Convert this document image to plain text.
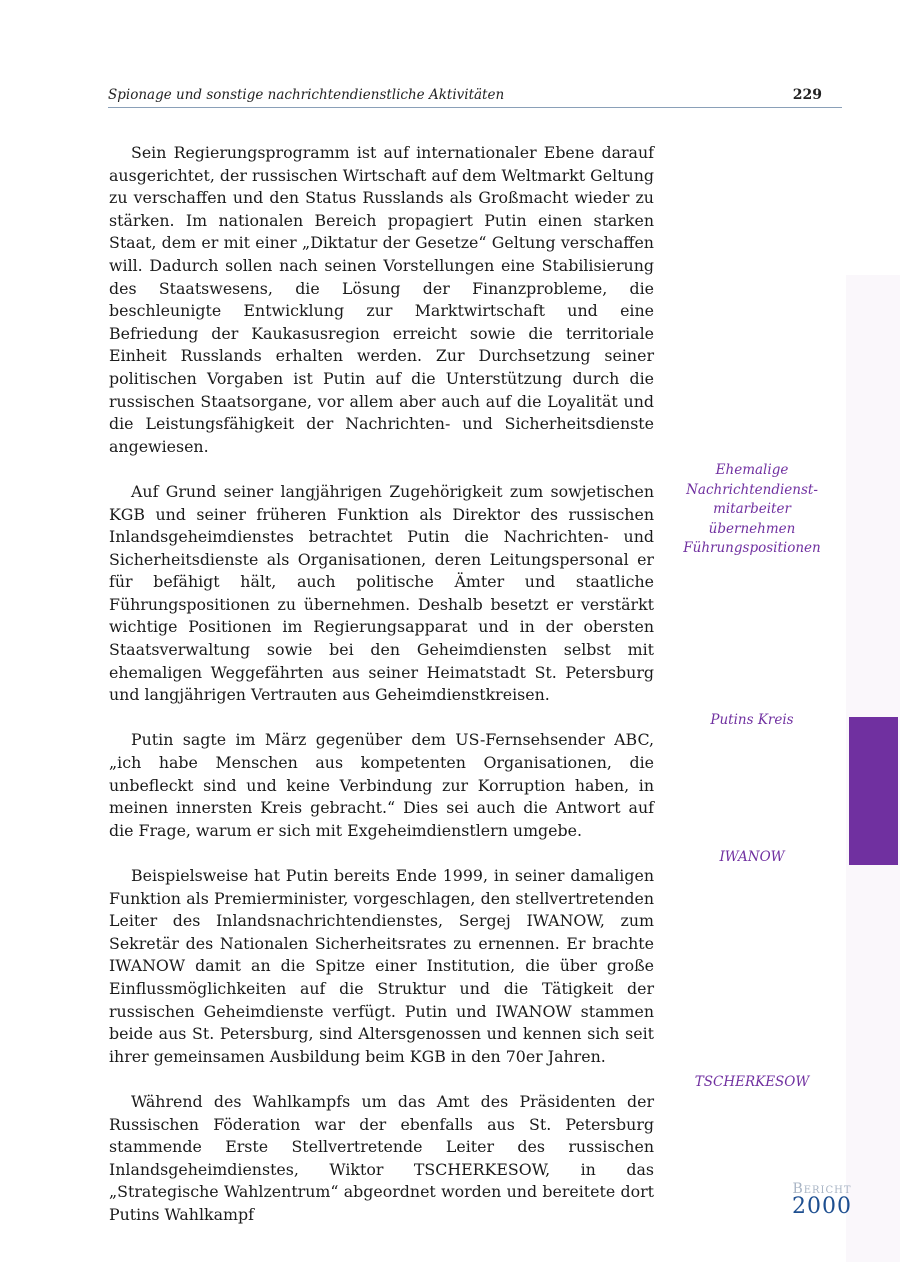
Spionage und sonstige nachrichtendienstliche Aktivitäten	229

Sein Regierungsprogramm ist auf internationaler Ebene darauf ausgerichtet, der russischen Wirtschaft auf dem Weltmarkt Geltung zu verschaffen und den Status Russlands als Großmacht wieder zu stärken. Im nationalen Bereich propagiert Putin einen starken Staat, dem er mit einer „Diktatur der Gesetze“ Geltung verschaffen will. Dadurch sollen nach seinen Vorstellungen eine Stabilisierung des Staatswesens, die Lösung der Finanzprobleme, die beschleunigte Entwicklung zur Marktwirtschaft und eine Befriedung der Kaukasusregion erreicht sowie die territoriale Einheit Russlands erhalten werden. Zur Durchsetzung seiner politischen Vorgaben ist Putin auf die Unterstützung durch die russischen Staatsorgane, vor allem aber auch auf die Loyalität und die Leistungsfähigkeit der Nachrichten- und Sicherheitsdienste angewiesen.

Auf Grund seiner langjährigen Zugehörigkeit zum sowjetischen KGB und seiner früheren Funktion als Direktor des russischen Inlandsgeheimdienstes betrachtet Putin die Nachrichten- und Sicherheitsdienste als Organisationen, deren Leitungspersonal er für befähigt hält, auch politische Ämter und staatliche Führungspositionen zu übernehmen. Deshalb besetzt er verstärkt wichtige Positionen im Regierungsapparat und in der obersten Staatsverwaltung sowie bei den Geheimdiensten selbst mit ehemaligen Weggefährten aus seiner Heimatstadt St. Petersburg und langjährigen Vertrauten aus Geheimdienstkreisen.

Putin sagte im März gegenüber dem US-Fernsehsender ABC, „ich habe Menschen aus kompetenten Organisationen, die unbefleckt sind und keine Verbindung zur Korruption haben, in meinen innersten Kreis gebracht.“ Dies sei auch die Antwort auf die Frage, warum er sich mit Exgeheimdienstlern umgebe.

Beispielsweise hat Putin bereits Ende 1999, in seiner damaligen Funktion als Premierminister, vorgeschlagen, den stellvertretenden Leiter des Inlandsnachrichtendienstes, Sergej IWANOW, zum Sekretär des Nationalen Sicherheitsrates zu ernennen. Er brachte IWANOW damit an die Spitze einer Institution, die über große Einflussmöglichkeiten auf die Struktur und die Tätigkeit der russischen Geheimdienste verfügt. Putin und IWANOW stammen beide aus St. Petersburg, sind Altersgenossen und kennen sich seit ihrer gemeinsamen Ausbildung beim KGB in den 70er Jahren.

Während des Wahlkampfs um das Amt des Präsidenten der Russischen Föderation war der ebenfalls aus St. Petersburg stammende Erste Stellvertretende Leiter des russischen Inlandsgeheimdienstes, Wiktor TSCHERKESOW, in das „Strategische Wahlzentrum“ abgeordnet worden und bereitete dort Putins Wahlkampf

Ehemalige Nachrichtendienst-mitarbeiter übernehmen Führungspositionen
Putins Kreis
IWANOW
TSCHERKESOW
Bericht
2000
